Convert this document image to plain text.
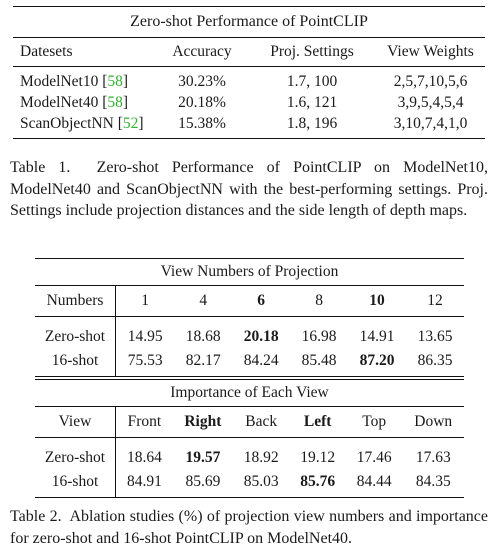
Zero-shot Performance of PointCLIP
Datesets	Accuracy	Proj. Settings	View Weights
ModelNet10 [58]	30.23%	1.7, 100	2,5,7,10,5,6
ModelNet40 [58]	20.18%	1.6, 121	3,9,5,4,5,4
ScanObjectNN [52]	15.38%	1.8, 196	3,10,7,4,1,0
Table 1. Zero-shot Performance of PointCLIP on ModelNet10, ModelNet40 and ScanObjectNN with the best-performing settings. Proj. Settings include projection distances and the side length of depth maps.
View Numbers of Projection
Numbers		1	4	6	8	10	12
Zero-shot		14.95	18.68	20.18	16.98	14.91	13.65
16-shot		75.53	82.17	84.24	85.48	87.20	86.35
Importance of Each View
View		Front	Right	Back	Left	Top	Down
Zero-shot		18.64	19.57	18.92	19.12	17.46	17.63
16-shot		84.91	85.69	85.03	85.76	84.44	84.35
Table 2. Ablation studies (%) of projection view numbers and importance for zero-shot and 16-shot PointCLIP on ModelNet40.
